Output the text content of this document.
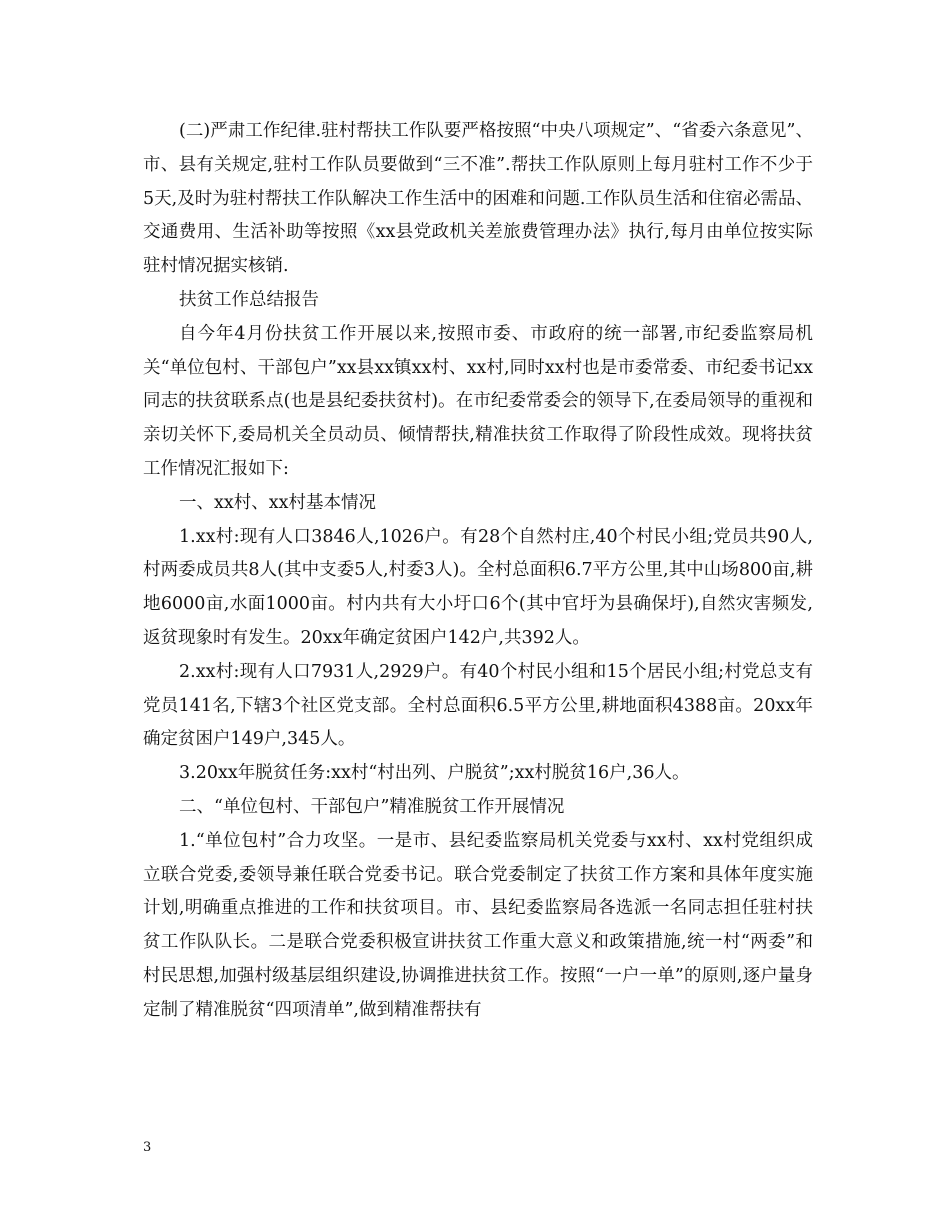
(二)严肃工作纪律.驻村帮扶工作队要严格按照“中央八项规定”、“省委六条意见”、市、县有关规定,驻村工作队员要做到“三不准”.帮扶工作队原则上每月驻村工作不少于5天,及时为驻村帮扶工作队解决工作生活中的困难和问题.工作队员生活和住宿必需品、交通费用、生活补助等按照《xx县党政机关差旅费管理办法》执行,每月由单位按实际驻村情况据实核销.

扶贫工作总结报告

自今年4月份扶贫工作开展以来,按照市委、市政府的统一部署,市纪委监察局机关“单位包村、干部包户”xx县xx镇xx村、xx村,同时xx村也是市委常委、市纪委书记xx同志的扶贫联系点(也是县纪委扶贫村)。在市纪委常委会的领导下,在委局领导的重视和亲切关怀下,委局机关全员动员、倾情帮扶,精准扶贫工作取得了阶段性成效。现将扶贫工作情况汇报如下:

一、xx村、xx村基本情况

1.xx村:现有人口3846人,1026户。有28个自然村庄,40个村民小组;党员共90人,村两委成员共8人(其中支委5人,村委3人)。全村总面积6.7平方公里,其中山场800亩,耕地6000亩,水面1000亩。村内共有大小圩口6个(其中官圩为县确保圩),自然灾害频发,返贫现象时有发生。20xx年确定贫困户142户,共392人。

2.xx村:现有人口7931人,2929户。有40个村民小组和15个居民小组;村党总支有党员141名,下辖3个社区党支部。全村总面积6.5平方公里,耕地面积4388亩。20xx年确定贫困户149户,345人。

3.20xx年脱贫任务:xx村“村出列、户脱贫”;xx村脱贫16户,36人。

二、“单位包村、干部包户”精准脱贫工作开展情况

1.“单位包村”合力攻坚。一是市、县纪委监察局机关党委与xx村、xx村党组织成立联合党委,委领导兼任联合党委书记。联合党委制定了扶贫工作方案和具体年度实施计划,明确重点推进的工作和扶贫项目。市、县纪委监察局各选派一名同志担任驻村扶贫工作队队长。二是联合党委积极宣讲扶贫工作重大意义和政策措施,统一村“两委”和村民思想,加强村级基层组织建设,协调推进扶贫工作。按照“一户一单”的原则,逐户量身定制了精准脱贫“四项清单”,做到精准帮扶有

3
